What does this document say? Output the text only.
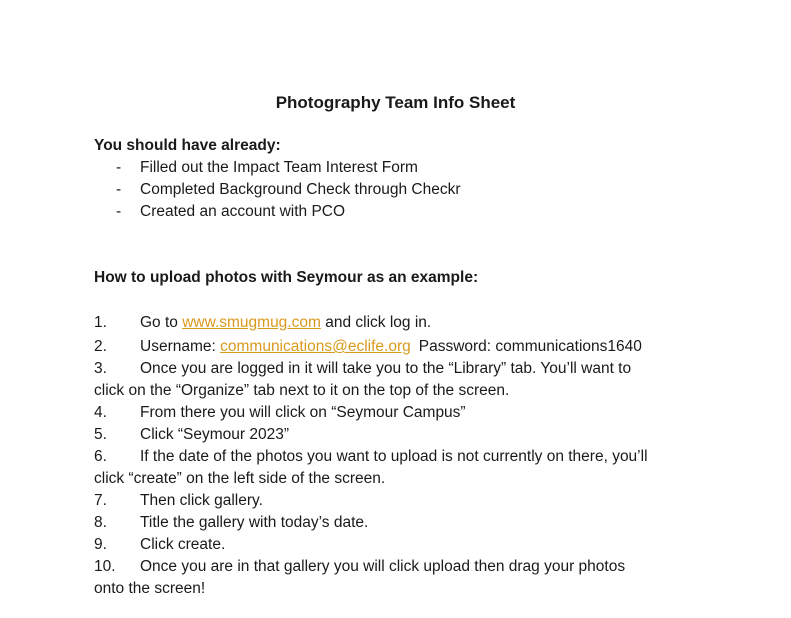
Photography Team Info Sheet
You should have already:
- Filled out the Impact Team Interest Form
- Completed Background Check through Checkr
- Created an account with PCO
How to upload photos with Seymour as an example:
1. Go to www.smugmug.com and click log in.
2. Username: communications@eclife.org Password: communications1640
3. Once you are logged in it will take you to the “Library” tab. You’ll want to
click on the “Organize” tab next to it on the top of the screen.
4. From there you will click on “Seymour Campus”
5. Click “Seymour 2023”
6. If the date of the photos you want to upload is not currently on there, you’ll
click “create” on the left side of the screen.
7. Then click gallery.
8. Title the gallery with today’s date.
9. Click create.
10. Once you are in that gallery you will click upload then drag your photos
onto the screen!
